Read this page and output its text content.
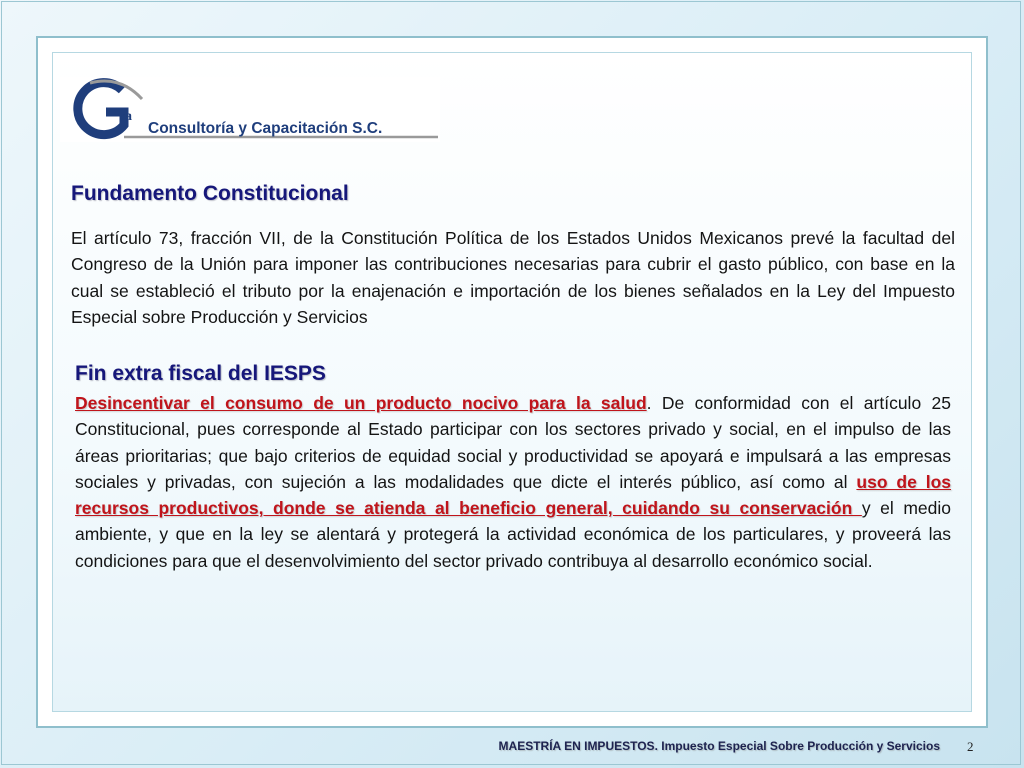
va
Consultoría y Capacitación S.C.
Fundamento Constitucional

El artículo 73, fracción VII, de la Constitución Política de los Estados Unidos Mexicanos prevé la facultad del Congreso de la Unión para imponer las contribuciones necesarias para cubrir el gasto público, con base en la cual se estableció el tributo por la enajenación e importación de los bienes señalados en la Ley del Impuesto Especial sobre Producción y Servicios

Fin extra fiscal del IESPS

Desincentivar el consumo de un producto nocivo para la salud. De conformidad con el artículo 25 Constitucional, pues corresponde al Estado participar con los sectores privado y social, en el impulso de las áreas prioritarias; que bajo criterios de equidad social y productividad se apoyará e impulsará a las empresas sociales y privadas, con sujeción a las modalidades que dicte el interés público, así como al uso de los recursos productivos, donde se atienda al beneficio general, cuidando su conservación y el medio ambiente, y que en la ley se alentará y protegerá la actividad económica de los particulares, y proveerá las condiciones para que el desenvolvimiento del sector privado contribuya al desarrollo económico social.

MAESTRÍA EN IMPUESTOS. Impuesto Especial Sobre Producción y Servicios 2
